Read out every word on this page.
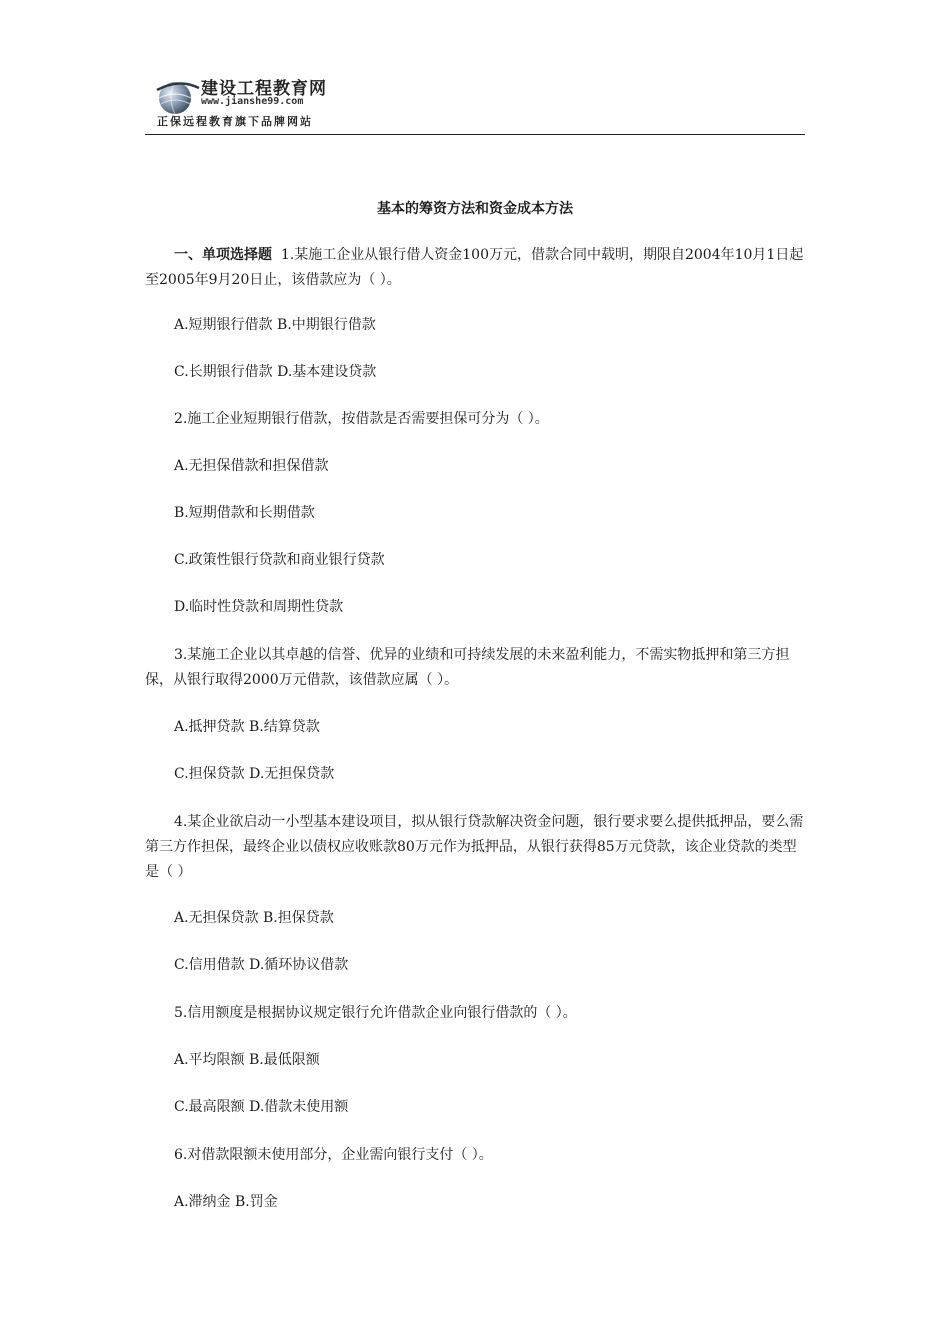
建设工程教育网
www.jianshe99.com
正保远程教育旗下品牌网站
基本的筹资方法和资金成本方法

一、单项选择题 1.某施工企业从银行借人资金100万元，借款合同中载明，期限自2004年10月1日起至2005年9月20日止，该借款应为（ ）。

A.短期银行借款 B.中期银行借款

C.长期银行借款 D.基本建设贷款

2.施工企业短期银行借款，按借款是否需要担保可分为（ ）。

A.无担保借款和担保借款

B.短期借款和长期借款

C.政策性银行贷款和商业银行贷款

D.临时性贷款和周期性贷款

3.某施工企业以其卓越的信誉、优异的业绩和可持续发展的未来盈利能力，不需实物抵押和第三方担保，从银行取得2000万元借款，该借款应属（ ）。

A.抵押贷款 B.结算贷款

C.担保贷款 D.无担保贷款

4.某企业欲启动一小型基本建设项目，拟从银行贷款解决资金问题，银行要求要么提供抵押品，要么需第三方作担保，最终企业以债权应收账款80万元作为抵押品，从银行获得85万元贷款，该企业贷款的类型是（ ）

A.无担保贷款 B.担保贷款

C.信用借款 D.循环协议借款

5.信用额度是根据协议规定银行允许借款企业向银行借款的（ ）。

A.平均限额 B.最低限额

C.最高限额 D.借款未使用额

6.对借款限额未使用部分，企业需向银行支付（ ）。

A.滞纳金 B.罚金
